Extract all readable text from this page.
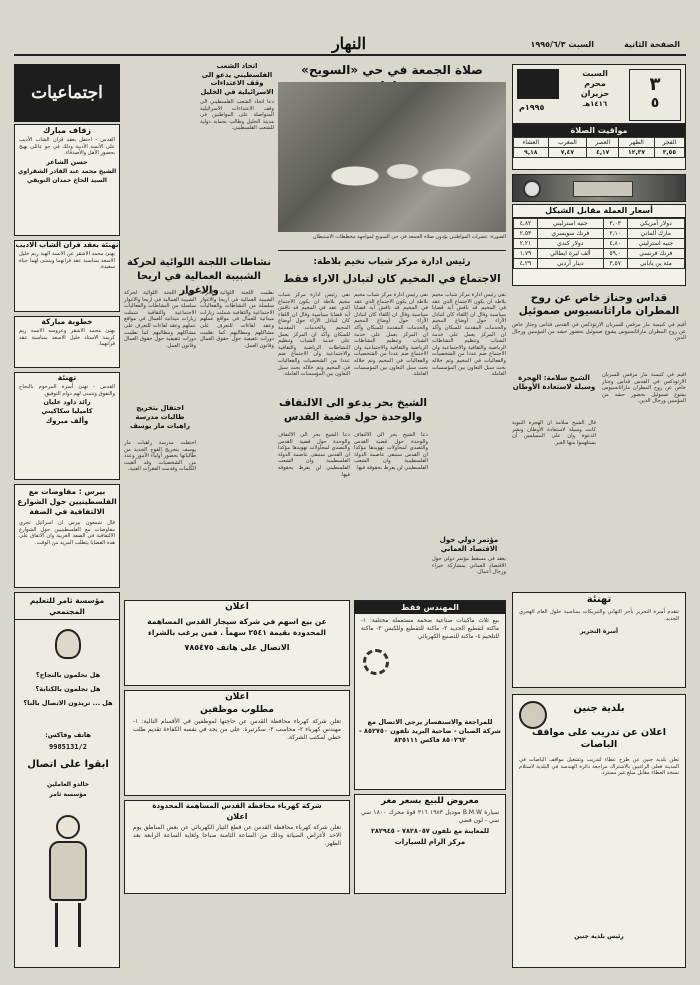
الصفحة الثانية
السبت ١٩٩٥/٦/٣
النهار
٣
٥
السبت
محرم
حزيران
١٤١٦هـ
١٩٩٥م
مواقيت الصلاة
الفجر	الظهر	العصر	المغرب	العشاء
٣,٥٥	١٢,٣٧	٤,١٧	٧,٤٧	٩,١٨
أسعار العملة مقابل الشيكل
دولار أمريكي	٣,٠٣	جنيه استرليني	٤,٨٢
مارك ألماني	٢,١٠	فرنك سويسري	٢,٥٣
جنيه استرليني	٤,٨٠	دولار كندي	٢,٢١
فرنك فرنسي	٥٩,٠	ألف ليرة ايطالي	١,٧٩
مئة ين ياباني	٣,٥٧	دينار أردني	٤,٢٩
قداس وجناز خاص عن روح المطران ماراثانسيوس صموئيل
أقيم في كنيسة مار مرقس للسريان الارثوذكس في القدس قداس وجناز خاص عن روح المطران ماراثانسيوس يشوع صموئيل بحضور حشد من المؤمنين ورجال الدين.
أقيم في كنيسة مار مرقس للسريان الارثوذكس في القدس قداس وجناز خاص عن روح المطران ماراثانسيوس يشوع صموئيل بحضور حشد من المؤمنين ورجال الدين.
قال الشيخ سلامة ان الهجرة النبوية كانت وسيلة لاستعادة الأوطان ونشر الدعوة وان على المسلمين أن يستلهموا منها العبر.
الشيخ سلامة: الهجرة وسيلة لاستعادة الأوطان
تهنئة
تتقدم أسرة التحرير بأحر التهاني والتبريكات بمناسبة حلول العام الهجري الجديد.
أسرة التحرير
بلدية جنين
اعلان عن تدريب على مواقف الباصات
تعلن بلدية جنين عن طرح عطاء لتدريب وتشغيل مواقف الباصات في المدينة فعلى الراغبين بالاشتراك مراجعة دائرة الهندسة في البلدية لاستلام نسخة العطاء مقابل مبلغ غير مسترد.
رئيس بلدية جنين
صلاة الجمعة في حي «السويح»
الصورة: عشرات المواطنين يؤدون صلاة الجمعة في حي السويح لمواجهة مخططات الاستيطان
رئيس ادارة مركز شباب نخيم بلاطة:
الاجتماع في المخيم كان لتبادل الاراء فقط
نفى رئيس ادارة مركز شباب مخيم بلاطة ان يكون الاجتماع الذي عقد في المخيم قد ناقش أية قضايا سياسية وقال ان اللقاء كان لتبادل الآراء حول أوضاع المخيم والخدمات المقدمة للسكان وأكد ان المركز يعمل على خدمة الشباب وتنظيم النشاطات الرياضية والثقافية والاجتماعية وان الاجتماع ضم عددا من الشخصيات والفعاليات في المخيم وتم خلاله بحث سبل التعاون بين المؤسسات العاملة.
نفى رئيس ادارة مركز شباب مخيم بلاطة ان يكون الاجتماع الذي عقد في المخيم قد ناقش أية قضايا سياسية وقال ان اللقاء كان لتبادل الآراء حول أوضاع المخيم والخدمات المقدمة للسكان وأكد ان المركز يعمل على خدمة الشباب وتنظيم النشاطات الرياضية والثقافية والاجتماعية وان الاجتماع ضم عددا من الشخصيات والفعاليات في المخيم وتم خلاله بحث سبل التعاون بين المؤسسات العاملة.
نفى رئيس ادارة مركز شباب مخيم بلاطة ان يكون الاجتماع الذي عقد في المخيم قد ناقش أية قضايا سياسية وقال ان اللقاء كان لتبادل الآراء حول أوضاع المخيم والخدمات المقدمة للسكان وأكد ان المركز يعمل على خدمة الشباب وتنظيم النشاطات الرياضية والثقافية والاجتماعية وان الاجتماع ضم عددا من الشخصيات والفعاليات في المخيم وتم خلاله بحث سبل التعاون بين المؤسسات العاملة.
الشيخ بحر يدعو الى الالتفاف والوحدة حول قضية القدس
دعا الشيخ بحر الى الالتفاف والوحدة حول قضية القدس والتصدي لمحاولات تهويدها مؤكدا ان القدس ستبقى عاصمة الدولة الفلسطينية وان الشعب الفلسطيني لن يفرط بحقوقه فيها.
دعا الشيخ بحر الى الالتفاف والوحدة حول قضية القدس والتصدي لمحاولات تهويدها مؤكدا ان القدس ستبقى عاصمة الدولة الفلسطينية وان الشعب الفلسطيني لن يفرط بحقوقه فيها.
مؤتمر دولي حول الاقتصاد العماني
يعقد في مسقط مؤتمر دولي حول الاقتصاد العماني بمشاركة خبراء ورجال أعمال.
المهندس فقط
بيع ثلاث ماكينات صناعية ضخمة مستعملة مختلفة: ١- ماكنة لتقطيع الحديد ٢- ماكنة للتقطيع وللكبس ٣- ماكنة للتلحيم ٤- ماكنة للتصنيع الكهربائي
للمراجعة والاستفسار يرجى الاتصال مع شركة الصبان - ضاحية البريد تلفون ٨٥٢٧٥٠ - ٨٥٠٢٦٢ فاكس ٨٣٥١١١
معروض للبيع بسعر مغر
سيارة B.M.W موديل ١٩٨٣ ٣١٦ قوة محرك ١٨٠٠ سي سي - لون فضي
للمعاينة مع تلفون ٧٨٢٨٠٥٧ - ٢٨٢٩٤٥
مركز الرام للسيارات
اتحاد الشعب الفلسطيني يدعو الى وقف الاعتداءات الاسرائيلية في الخليل
دعا اتحاد الشعب الفلسطيني الى وقف الاعتداءات الاسرائيلية المتواصلة على المواطنين في مدينة الخليل وطالب بحماية دولية للشعب الفلسطيني.
نشاطات اللجنة اللوائية لحركة الشبيبة العمالية في اريحا والاغوار
نظمت اللجنة اللوائية لحركة الشبيبة العمالية في اريحا والاغوار سلسلة من النشاطات والفعاليات الاجتماعية والثقافية شملت زيارات ميدانية للعمال في مواقع عملهم وعقد لقاءات للتعرف على مشاكلهم ومطالبهم كما نظمت دورات تثقيفية حول حقوق العمال وقانون العمل.
نظمت اللجنة اللوائية لحركة الشبيبة العمالية في اريحا والاغوار سلسلة من النشاطات والفعاليات الاجتماعية والثقافية شملت زيارات ميدانية للعمال في مواقع عملهم وعقد لقاءات للتعرف على مشاكلهم ومطالبهم كما نظمت دورات تثقيفية حول حقوق العمال وقانون العمل.
احتفال بتخريج طالبات مدرسة راهبات مار يوسف
احتفلت مدرسة راهبات مار يوسف بتخريج الفوج الجديد من طالباتها بحضور أولياء الأمور وعدد من الشخصيات وقد ألقيت الكلمات وقدمت الفقرات الفنية.
اعلان
عن بيع اسهم في شركة سيجار القدس المساهمة المحدودة بقيمة ٢٥٤١ سهماً . فمن يرغب بالشراء
الاتصال على هاتف ٧٨٥٤٧٥
اعلان
مطلوب موظفين
تعلن شركة كهرباء محافظة القدس عن حاجتها لموظفين في الأقسام التالية: ١- مهندس كهرباء ٢- محاسب ٣- سكرتيرة. على من يجد في نفسه الكفاءة تقديم طلب خطي لمكتب الشركة.
شركة كهرباء محافظة القدس المساهمة المحدودة
اعلان
تعلن شركة كهرباء محافظة القدس عن قطع التيار الكهربائي عن بعض المناطق يوم الاحد لأغراض الصيانة وذلك من الساعة الثامنة صباحا ولغاية الساعة الرابعة بعد الظهر.
اجتماعيات
زفاف مبارك
القدس - احتفل بعقد قران الشاب الأديب على الآنسة الأديبة وذلك في جو عائلي بهيج بحضور الأهل والأصدقاء.
حسن الشاعر
الشيخ محمد عبد القادر الشقراوي
السيد الحاج حمدان النويقي
تهنئة بعقد قران الشاب الاديب
يهنئ محمد الاشقر عن الانسة الهبة ريم خليل الاسعد بمناسبة عقد قرانهما ويتمنى لهما حياة سعيدة.
خطوبة مباركة
يهنئ محمد الاشقر وعروسه الانسة ريم كريمة الاستاذ خليل الاسعد بمناسبة عقد قرانهما.
تهنئة
القدس - تهنئ أسرة المرحوم بالنجاح والتفوق وتتمنى لهم دوام التوفيق.
رائد داود عليان
كاميليا سكاكيني
وألف مبروك
بيرس : مفاوضات مع الفلسطينيين حول الشوارع الالتفافية في الضفة
قال شمعون بيرس ان اسرائيل تجري مفاوضات مع الفلسطينيين حول الشوارع الالتفافية في الضفة الغربية وان الاتفاق على هذه القضايا يتطلب المزيد من الوقت.
مؤسسة ثامر للتعليم المجتمعي
هل تحلمون بالنجاح؟
هل تحلمون بالكتابة؟
هل ... تريدون الاتصال بالنا؟
هاتف وفاكس:
9985131/2
ابقوا على اتصال
خالدو العاملين
مؤسسة ثامر
